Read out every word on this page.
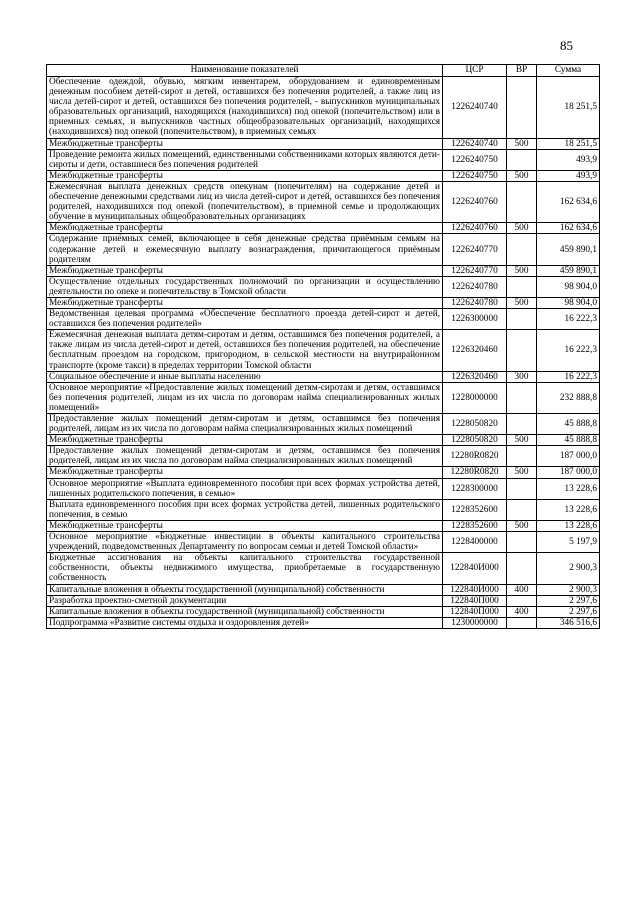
85
Наименование показателей	ЦСР	ВР	Сумма
Обеспечение одеждой, обувью, мягким инвентарем, оборудованием и единовременным денежным пособием детей-сирот и детей, оставшихся без попечения родителей, а также лиц из числа детей-сирот и детей, оставшихся без попечения родителей, - выпускников муниципальных образовательных организаций, находящихся (находившихся) под опекой (попечительством) или в приемных семьях, и выпускников частных общеобразовательных организаций, находящихся (находившихся) под опекой (попечительством), в приемных семьях	1226240740		18 251,5
Межбюджетные трансферты	1226240740	500	18 251,5
Проведение ремонта жилых помещений, единственными собственниками которых являются дети-сироты и дети, оставшиеся без попечения родителей	1226240750		493,9
Межбюджетные трансферты	1226240750	500	493,9
Ежемесячная выплата денежных средств опекунам (попечителям) на содержание детей и обеспечение денежными средствами лиц из числа детей-сирот и детей, оставшихся без попечения родителей, находившихся под опекой (попечительством), в приемной семье и продолжающих обучение в муниципальных общеобразовательных организациях	1226240760		162 634,6
Межбюджетные трансферты	1226240760	500	162 634,6
Содержание приёмных семей, включающее в себя денежные средства приёмным семьям на содержание детей и ежемесячную выплату вознаграждения, причитающегося приёмным родителям	1226240770		459 890,1
Межбюджетные трансферты	1226240770	500	459 890,1
Осуществление отдельных государственных полномочий по организации и осуществлению деятельности по опеке и попечительству в Томской области	1226240780		98 904,0
Межбюджетные трансферты	1226240780	500	98 904,0
Ведомственная целевая программа «Обеспечение бесплатного проезда детей-сирот и детей, оставшихся без попечения родителей»	1226300000		16 222,3
Ежемесячная денежная выплата детям-сиротам и детям, оставшимся без попечения родителей, а также лицам из числа детей-сирот и детей, оставшихся без попечения родителей, на обеспечение бесплатным проездом на городском, пригородном, в сельской местности на внутрирайонном транспорте (кроме такси) в пределах территории Томской области	1226320460		16 222,3
Социальное обеспечение и иные выплаты населению	1226320460	300	16 222,3
Основное мероприятие «Предоставление жилых помещений детям-сиротам и детям, оставшимся без попечения родителей, лицам из их числа по договорам найма специализированных жилых помещений»	1228000000		232 888,8
Предоставление жилых помещений детям-сиротам и детям, оставшимся без попечения родителей, лицам из их числа по договорам найма специализированных жилых помещений	1228050820		45 888,8
Межбюджетные трансферты	1228050820	500	45 888,8
Предоставление жилых помещений детям-сиротам и детям, оставшимся без попечения родителей, лицам из их числа по договорам найма специализированных жилых помещений	12280R0820		187 000,0
Межбюджетные трансферты	12280R0820	500	187 000,0
Основное мероприятие «Выплата единовременного пособия при всех формах устройства детей, лишенных родительского попечения, в семью»	1228300000		13 228,6
Выплата единовременного пособия при всех формах устройства детей, лишенных родительского попечения, в семью	1228352600		13 228,6
Межбюджетные трансферты	1228352600	500	13 228,6
Основное мероприятие «Бюджетные инвестиции в объекты капитального строительства учреждений, подведомственных Департаменту по вопросам семьи и детей Томской области»	1228400000		5 197,9
Бюджетные ассигнования на объекты капитального строительства государственной собственности, объекты недвижимого имущества, приобретаемые в государственную собственность	122840И000		2 900,3
Капитальные вложения в объекты государственной (муниципальной) собственности	122840И000	400	2 900,3
Разработка проектно-сметной документации	122840П000		2 297,6
Капитальные вложения в объекты государственной (муниципальной) собственности	122840П000	400	2 297,6
Подпрограмма «Развитие системы отдыха и оздоровления детей»	1230000000		346 516,6
